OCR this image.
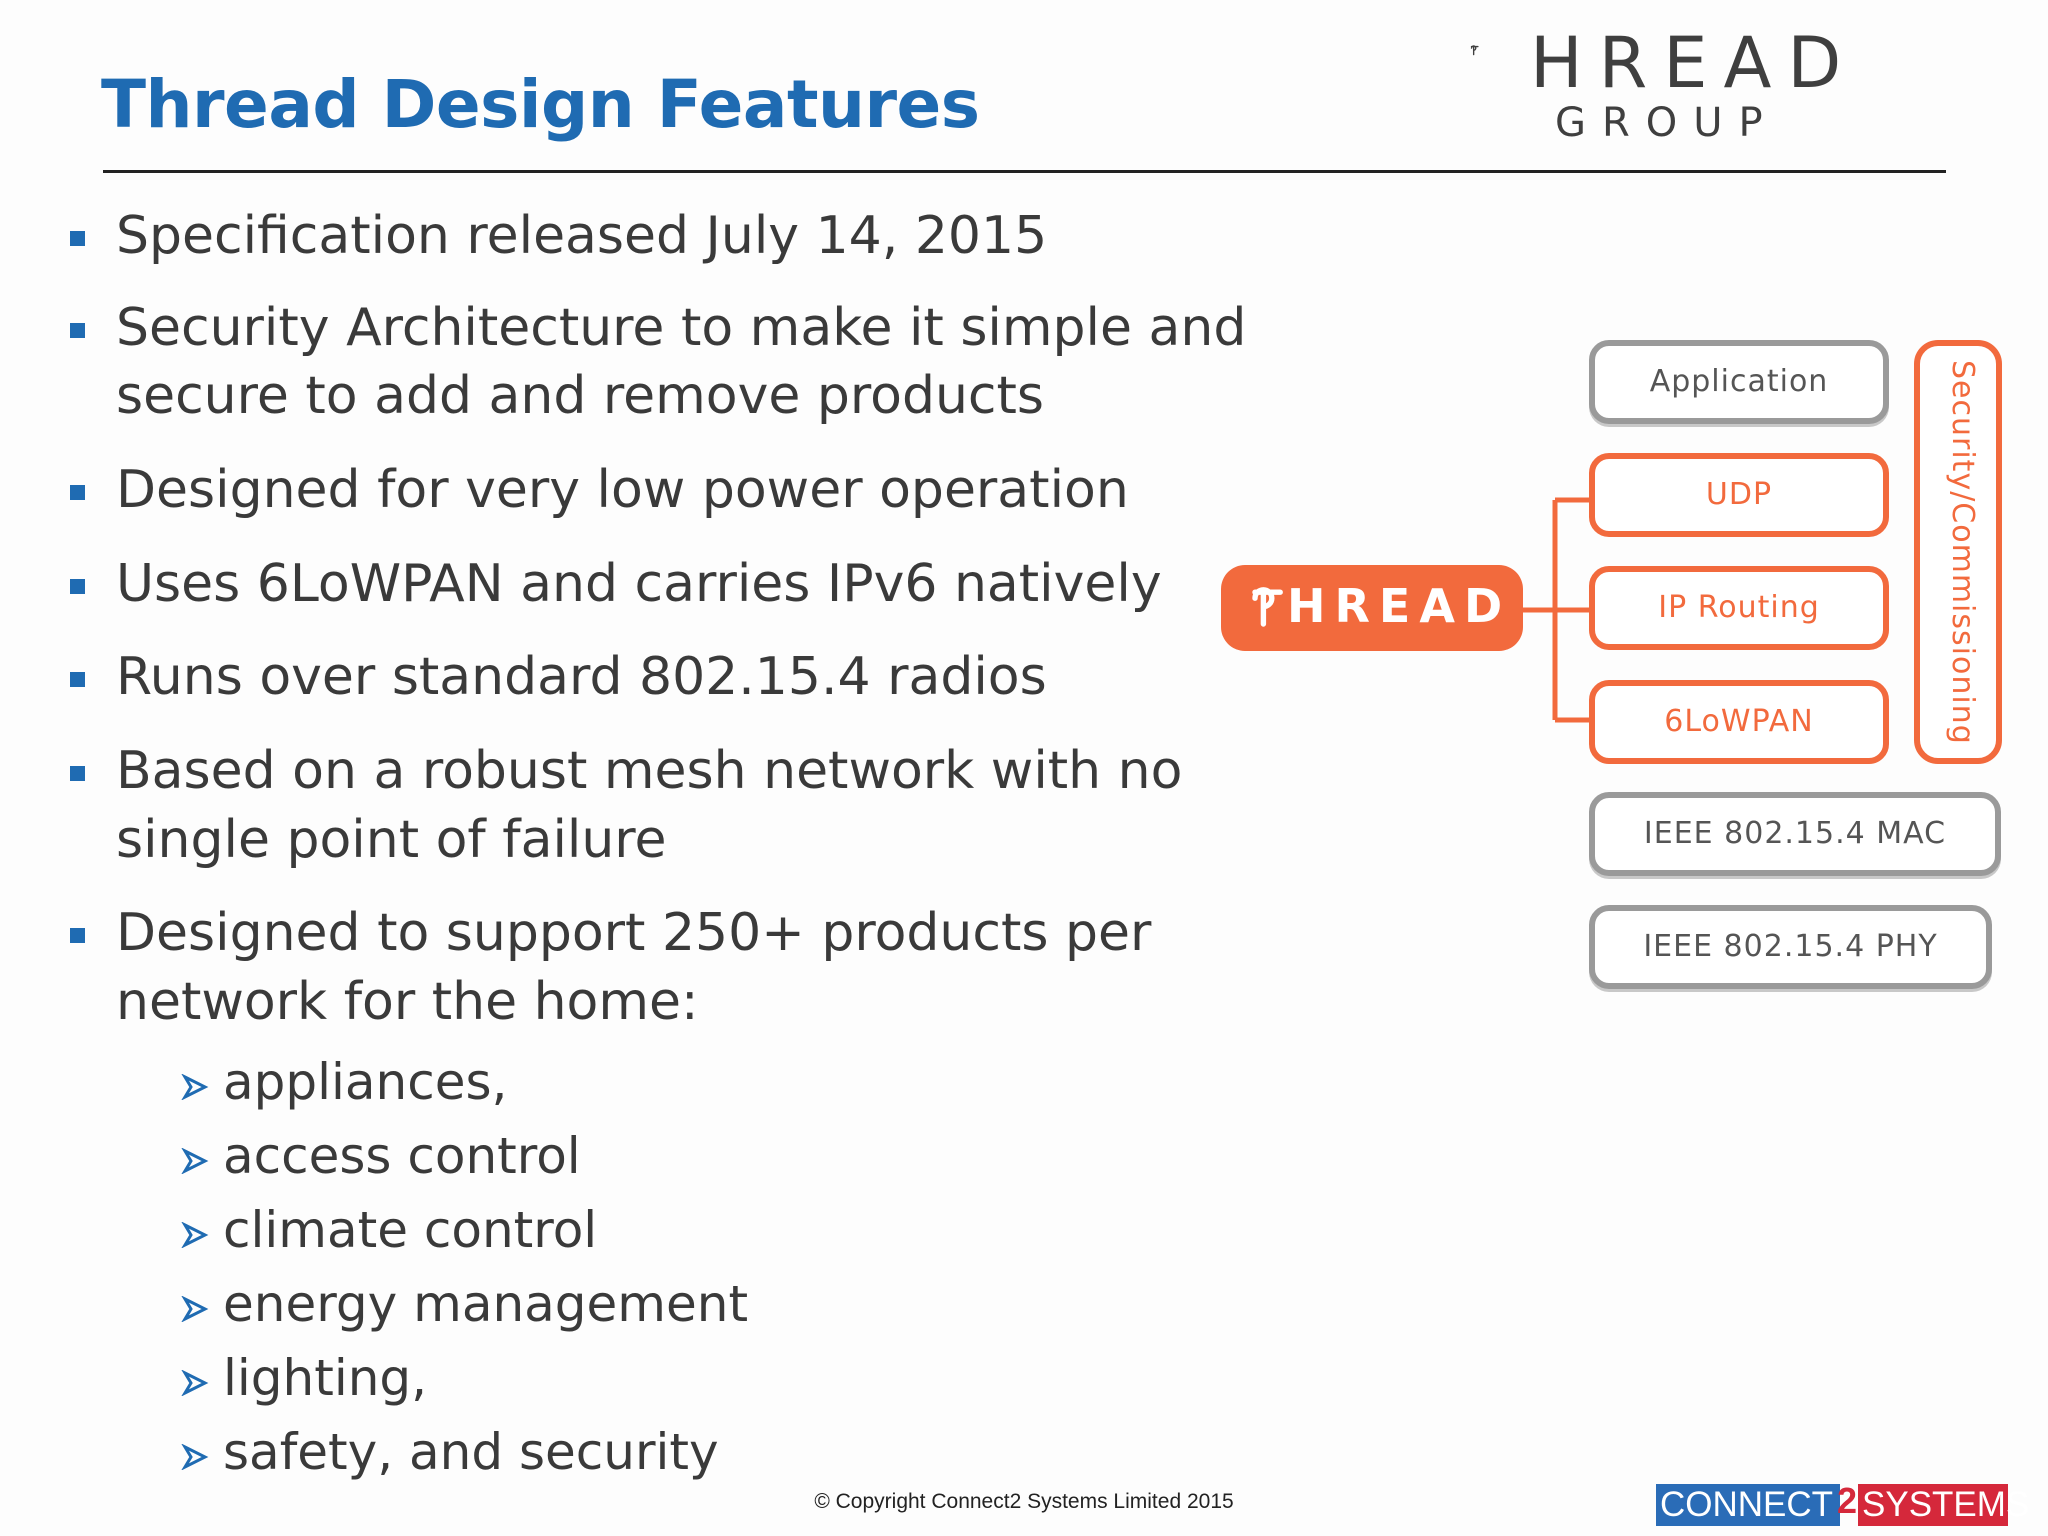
Thread Design Features
HREAD
GROUP
Specification released July 14, 2015
Security Architecture to make it simple and
secure to add and remove products
Designed for very low power operation
Uses 6LoWPAN and carries IPv6 natively
Runs over standard 802.15.4 radios
Based on a robust mesh network with no
single point of failure
Designed to support 250+ products per
network for the home:
appliances,
access control
climate control
energy management
lighting,
safety, and security
HREAD
Application
UDP
IP Routing
6LoWPAN
IEEE 802.15.4 MAC
IEEE 802.15.4 PHY
Security/Commissioning
© Copyright Connect2 Systems Limited 2015	CONNECT 2 SYSTEMS
